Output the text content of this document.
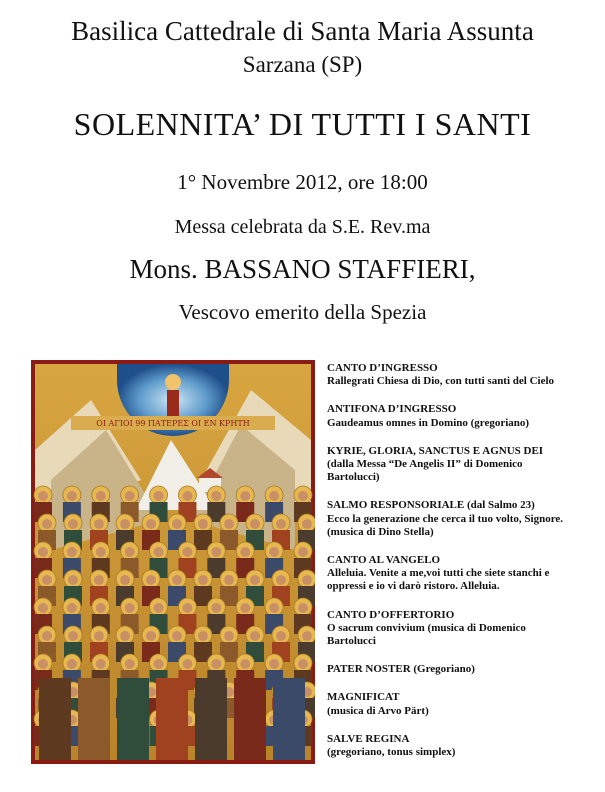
Basilica Cattedrale di Santa Maria Assunta
Sarzana (SP)
SOLENNITA’ DI TUTTI I SANTI
1° Novembre 2012, ore 18:00
Messa celebrata da S.E. Rev.ma
Mons. BASSANO STAFFIERI,
Vescovo emerito della Spezia
ΟΙ ΑΓΙΟΙ 99 ΠΑΤΕΡΕΣ ΟΙ ΕΝ ΚΡΗΤΗ
CANTO D’INGRESSO
Rallegrati Chiesa di Dio, con tutti santi del Cielo
ANTIFONA D’INGRESSO
Gaudeamus omnes in Domino (gregoriano)
KYRIE, GLORIA, SANCTUS E AGNUS DEI
(dalla Messa “De Angelis II” di Domenico
Bartolucci)
SALMO RESPONSORIALE (dal Salmo 23)
Ecco la generazione che cerca il tuo volto, Signore.
(musica di Dino Stella)
CANTO AL VANGELO
Alleluia. Venite a me,voi tutti che siete stanchi e
oppressi e io vi darò ristoro. Alleluia.
CANTO D’OFFERTORIO
O sacrum convivium (musica di Domenico
Bartolucci
PATER NOSTER (Gregoriano)
MAGNIFICAT
(musica di Arvo Pärt)
SALVE REGINA
(gregoriano, tonus simplex)
